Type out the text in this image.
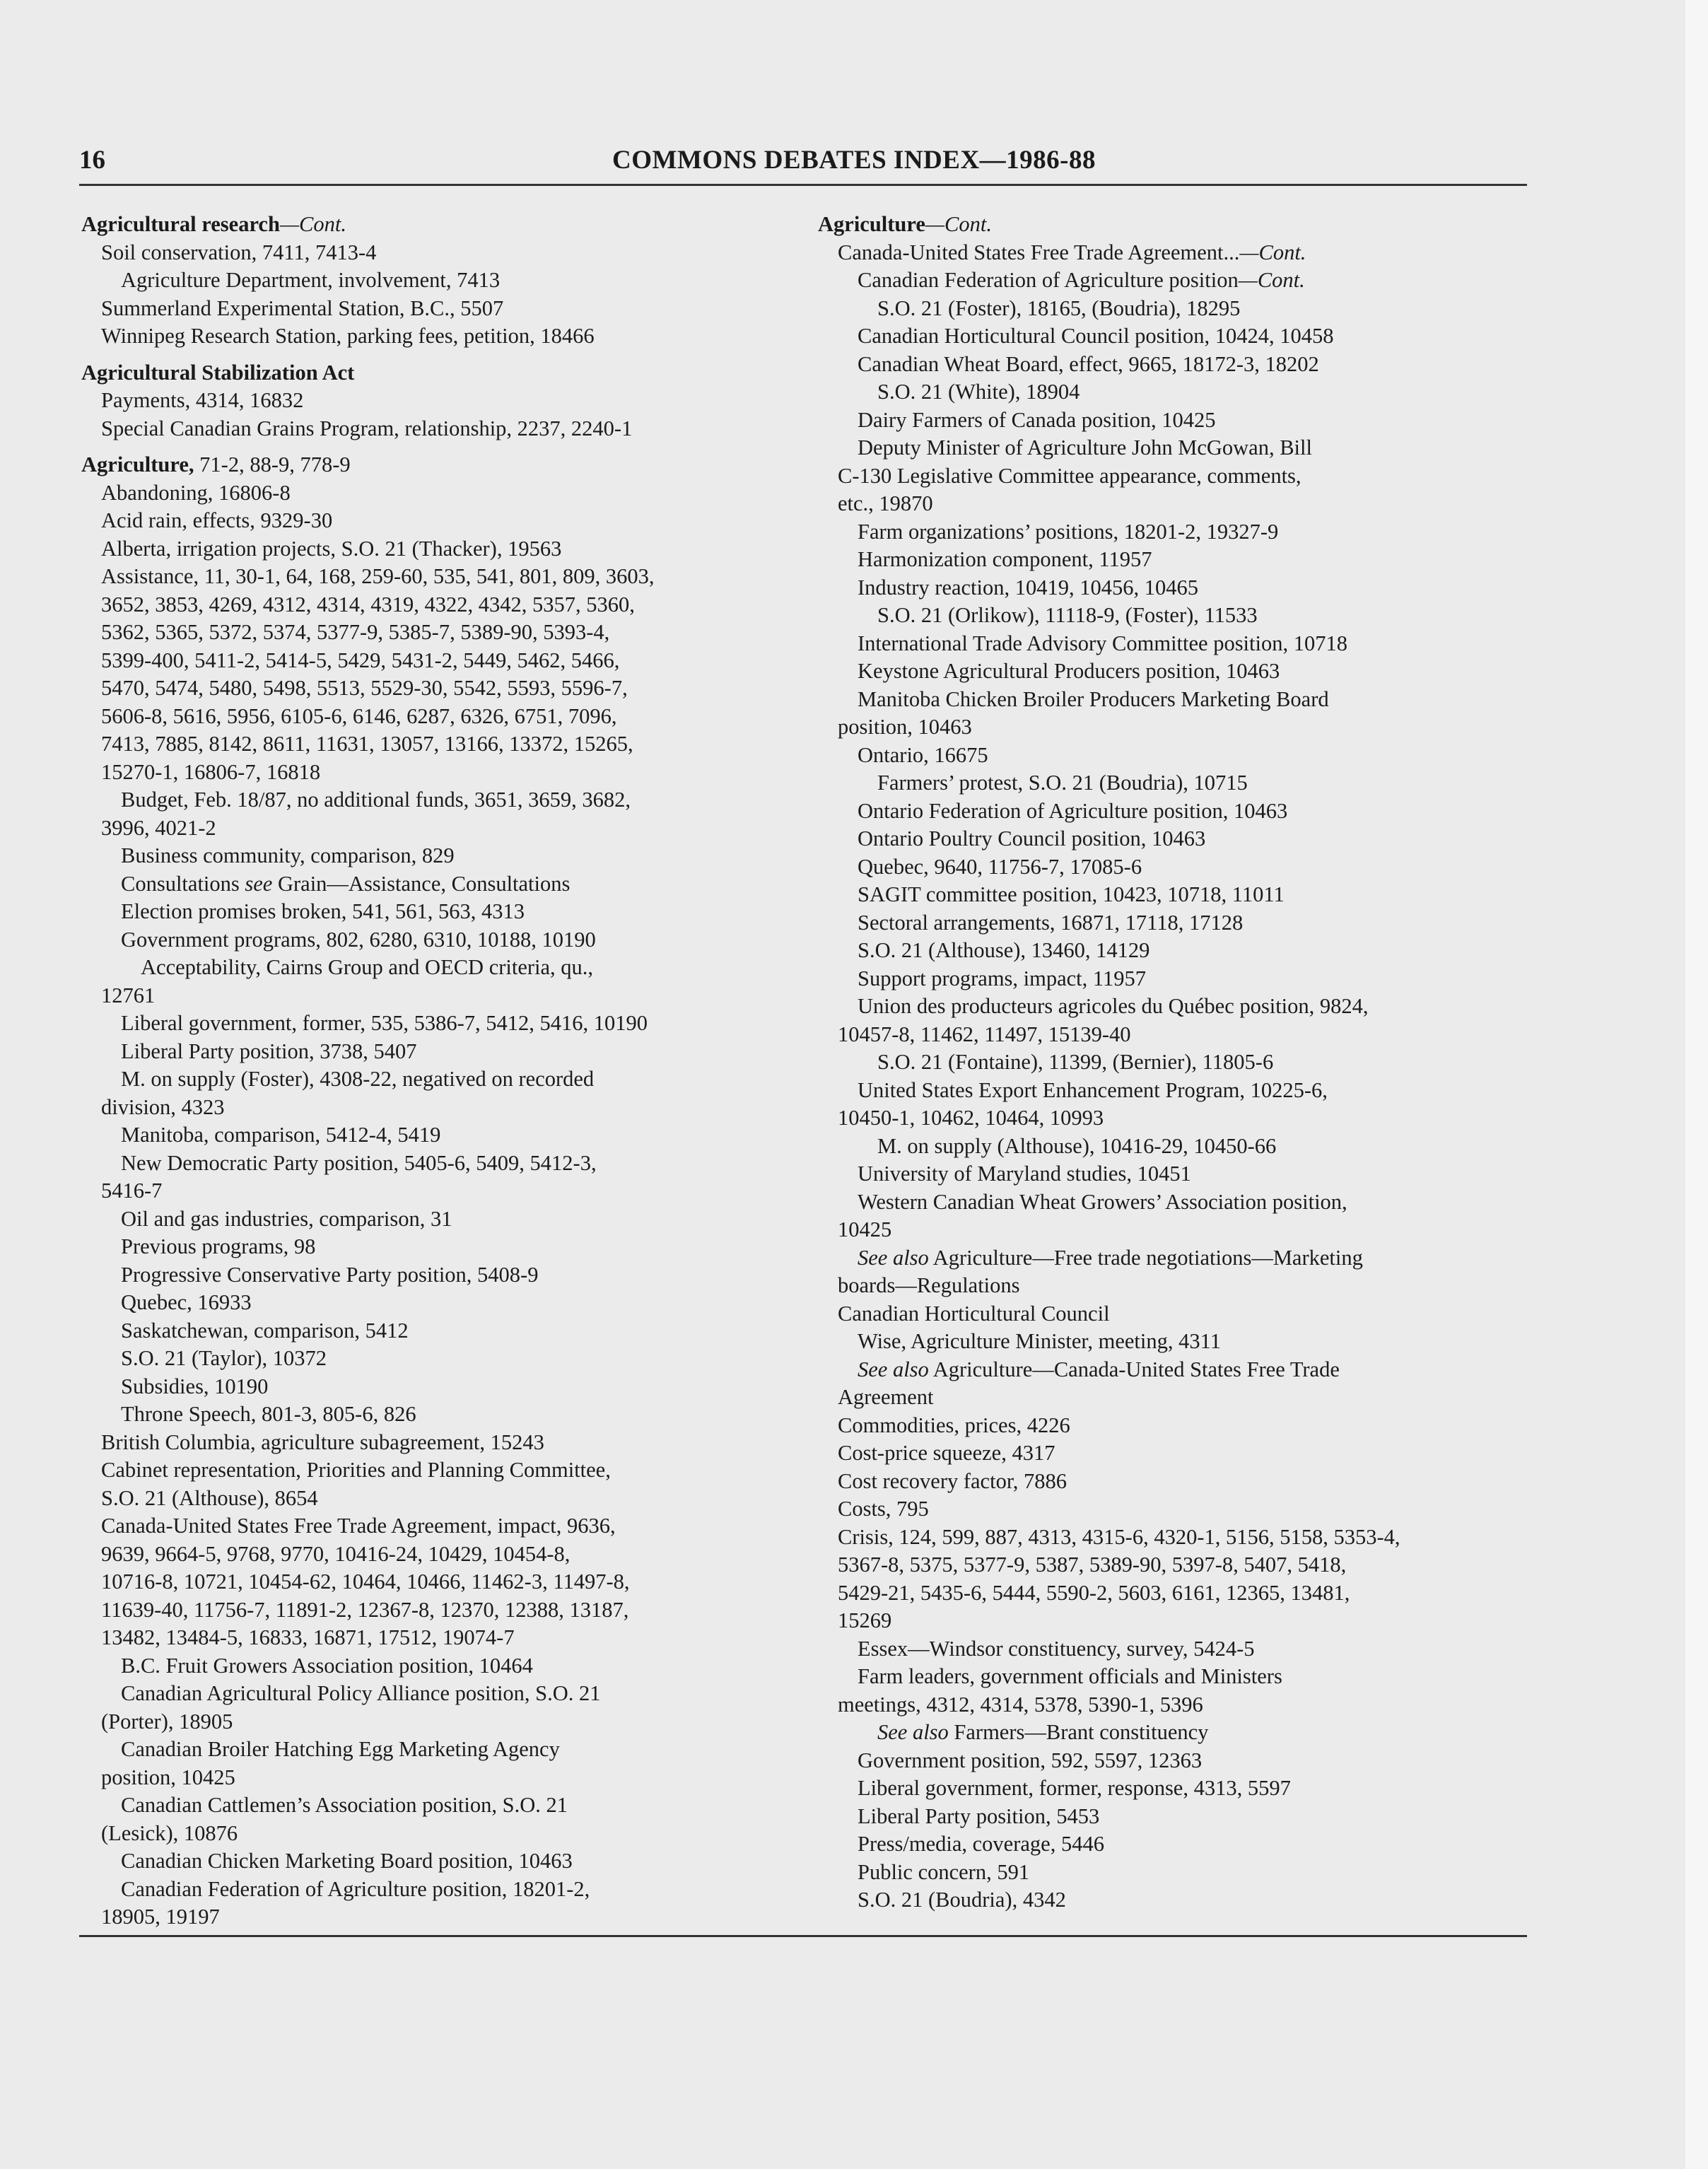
16	COMMONS DEBATES INDEX—1986-88
Agricultural research—Cont.
Soil conservation, 7411, 7413-4
Agriculture Department, involvement, 7413
Summerland Experimental Station, B.C., 5507
Winnipeg Research Station, parking fees, petition, 18466
Agricultural Stabilization Act
Payments, 4314, 16832
Special Canadian Grains Program, relationship, 2237, 2240-1
Agriculture, 71-2, 88-9, 778-9
Abandoning, 16806-8
Acid rain, effects, 9329-30
Alberta, irrigation projects, S.O. 21 (Thacker), 19563
Assistance, 11, 30-1, 64, 168, 259-60, 535, 541, 801, 809, 3603,
3652, 3853, 4269, 4312, 4314, 4319, 4322, 4342, 5357, 5360,
5362, 5365, 5372, 5374, 5377-9, 5385-7, 5389-90, 5393-4,
5399-400, 5411-2, 5414-5, 5429, 5431-2, 5449, 5462, 5466,
5470, 5474, 5480, 5498, 5513, 5529-30, 5542, 5593, 5596-7,
5606-8, 5616, 5956, 6105-6, 6146, 6287, 6326, 6751, 7096,
7413, 7885, 8142, 8611, 11631, 13057, 13166, 13372, 15265,
15270-1, 16806-7, 16818
Budget, Feb. 18/87, no additional funds, 3651, 3659, 3682,
3996, 4021-2
Business community, comparison, 829
Consultations see Grain—Assistance, Consultations
Election promises broken, 541, 561, 563, 4313
Government programs, 802, 6280, 6310, 10188, 10190
Acceptability, Cairns Group and OECD criteria, qu.,
12761
Liberal government, former, 535, 5386-7, 5412, 5416, 10190
Liberal Party position, 3738, 5407
M. on supply (Foster), 4308-22, negatived on recorded
division, 4323
Manitoba, comparison, 5412-4, 5419
New Democratic Party position, 5405-6, 5409, 5412-3,
5416-7
Oil and gas industries, comparison, 31
Previous programs, 98
Progressive Conservative Party position, 5408-9
Quebec, 16933
Saskatchewan, comparison, 5412
S.O. 21 (Taylor), 10372
Subsidies, 10190
Throne Speech, 801-3, 805-6, 826
British Columbia, agriculture subagreement, 15243
Cabinet representation, Priorities and Planning Committee,
S.O. 21 (Althouse), 8654
Canada-United States Free Trade Agreement, impact, 9636,
9639, 9664-5, 9768, 9770, 10416-24, 10429, 10454-8,
10716-8, 10721, 10454-62, 10464, 10466, 11462-3, 11497-8,
11639-40, 11756-7, 11891-2, 12367-8, 12370, 12388, 13187,
13482, 13484-5, 16833, 16871, 17512, 19074-7
B.C. Fruit Growers Association position, 10464
Canadian Agricultural Policy Alliance position, S.O. 21
(Porter), 18905
Canadian Broiler Hatching Egg Marketing Agency
position, 10425
Canadian Cattlemen’s Association position, S.O. 21
(Lesick), 10876
Canadian Chicken Marketing Board position, 10463
Canadian Federation of Agriculture position, 18201-2,
18905, 19197
Agriculture—Cont.
Canada-United States Free Trade Agreement...—Cont.
Canadian Federation of Agriculture position—Cont.
S.O. 21 (Foster), 18165, (Boudria), 18295
Canadian Horticultural Council position, 10424, 10458
Canadian Wheat Board, effect, 9665, 18172-3, 18202
S.O. 21 (White), 18904
Dairy Farmers of Canada position, 10425
Deputy Minister of Agriculture John McGowan, Bill
C-130 Legislative Committee appearance, comments,
etc., 19870
Farm organizations’ positions, 18201-2, 19327-9
Harmonization component, 11957
Industry reaction, 10419, 10456, 10465
S.O. 21 (Orlikow), 11118-9, (Foster), 11533
International Trade Advisory Committee position, 10718
Keystone Agricultural Producers position, 10463
Manitoba Chicken Broiler Producers Marketing Board
position, 10463
Ontario, 16675
Farmers’ protest, S.O. 21 (Boudria), 10715
Ontario Federation of Agriculture position, 10463
Ontario Poultry Council position, 10463
Quebec, 9640, 11756-7, 17085-6
SAGIT committee position, 10423, 10718, 11011
Sectoral arrangements, 16871, 17118, 17128
S.O. 21 (Althouse), 13460, 14129
Support programs, impact, 11957
Union des producteurs agricoles du Québec position, 9824,
10457-8, 11462, 11497, 15139-40
S.O. 21 (Fontaine), 11399, (Bernier), 11805-6
United States Export Enhancement Program, 10225-6,
10450-1, 10462, 10464, 10993
M. on supply (Althouse), 10416-29, 10450-66
University of Maryland studies, 10451
Western Canadian Wheat Growers’ Association position,
10425
See also Agriculture—Free trade negotiations—Marketing
boards—Regulations
Canadian Horticultural Council
Wise, Agriculture Minister, meeting, 4311
See also Agriculture—Canada-United States Free Trade
Agreement
Commodities, prices, 4226
Cost-price squeeze, 4317
Cost recovery factor, 7886
Costs, 795
Crisis, 124, 599, 887, 4313, 4315-6, 4320-1, 5156, 5158, 5353-4,
5367-8, 5375, 5377-9, 5387, 5389-90, 5397-8, 5407, 5418,
5429-21, 5435-6, 5444, 5590-2, 5603, 6161, 12365, 13481,
15269
Essex—Windsor constituency, survey, 5424-5
Farm leaders, government officials and Ministers
meetings, 4312, 4314, 5378, 5390-1, 5396
See also Farmers—Brant constituency
Government position, 592, 5597, 12363
Liberal government, former, response, 4313, 5597
Liberal Party position, 5453
Press/media, coverage, 5446
Public concern, 591
S.O. 21 (Boudria), 4342
